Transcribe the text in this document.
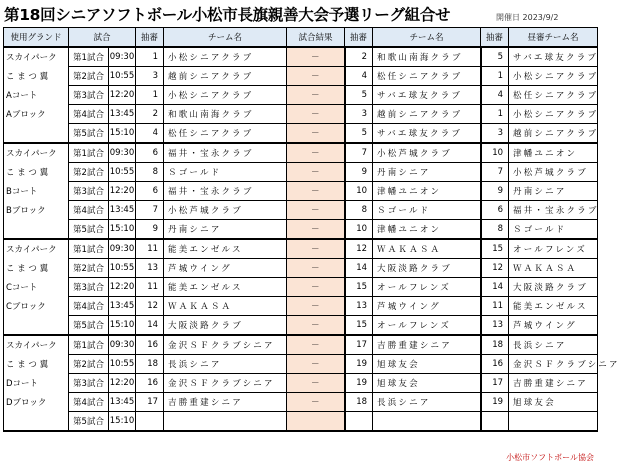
第18回シニアソフトボール小松市長旗親善大会予選リーグ組合せ	開催日 2023/9/2
使用グランド	試合		抽審	チーム名	試合結果	抽審	チーム名	抽審	昼審チーム名
スカイパーク	第1試合	09:30	1	小松シニアクラブ	－	2	和歌山南海クラブ	5	サバエ球友クラブ
こ ま つ 翼	第2試合	10:55	3	越前シニアクラブ	－	4	松任シニアクラブ	1	小松シニアクラブ
Aコート	第3試合	12:20	1	小松シニアクラブ	－	5	サバエ球友クラブ	4	松任シニアクラブ
Aブロック	第4試合	13:45	2	和歌山南海クラブ	－	3	越前シニアクラブ	1	小松シニアクラブ
	第5試合	15:10	4	松任シニアクラブ	－	5	サバエ球友クラブ	3	越前シニアクラブ
スカイパーク	第1試合	09:30	6	福井・宝永クラブ	－	7	小松芦城クラブ	10	津幡ユニオン
こ ま つ 翼	第2試合	10:55	8	Ｓゴールド	－	9	丹南シニア	7	小松芦城クラブ
Bコート	第3試合	12:20	6	福井・宝永クラブ	－	10	津幡ユニオン	9	丹南シニア
Bブロック	第4試合	13:45	7	小松芦城クラブ	－	8	Ｓゴールド	6	福井・宝永クラブ
	第5試合	15:10	9	丹南シニア	－	10	津幡ユニオン	8	Ｓゴールド
スカイパーク	第1試合	09:30	11	能美エンゼルス	－	12	ＷＡＫＡＳＡ	15	オールフレンズ
こ ま つ 翼	第2試合	10:55	13	芦城ウイング	－	14	大阪淡路クラブ	12	ＷＡＫＡＳＡ
Cコート	第3試合	12:20	11	能美エンゼルス	－	15	オールフレンズ	14	大阪淡路クラブ
Cブロック	第4試合	13:45	12	ＷＡＫＡＳＡ	－	13	芦城ウイング	11	能美エンゼルス
	第5試合	15:10	14	大阪淡路クラブ	－	15	オールフレンズ	13	芦城ウイング
スカイパーク	第1試合	09:30	16	金沢ＳＦクラブシニア	－	17	吉勝重建シニア	18	長浜シニア
こ ま つ 翼	第2試合	10:55	18	長浜シニア	－	19	旭球友会	16	金沢ＳＦクラブシニア
Dコート	第3試合	12:20	16	金沢ＳＦクラブシニア	－	19	旭球友会	17	吉勝重建シニア
Dブロック	第4試合	13:45	17	吉勝重建シニア	－	18	長浜シニア	19	旭球友会
	第5試合	15:10							
小松市ソフトボール協会
